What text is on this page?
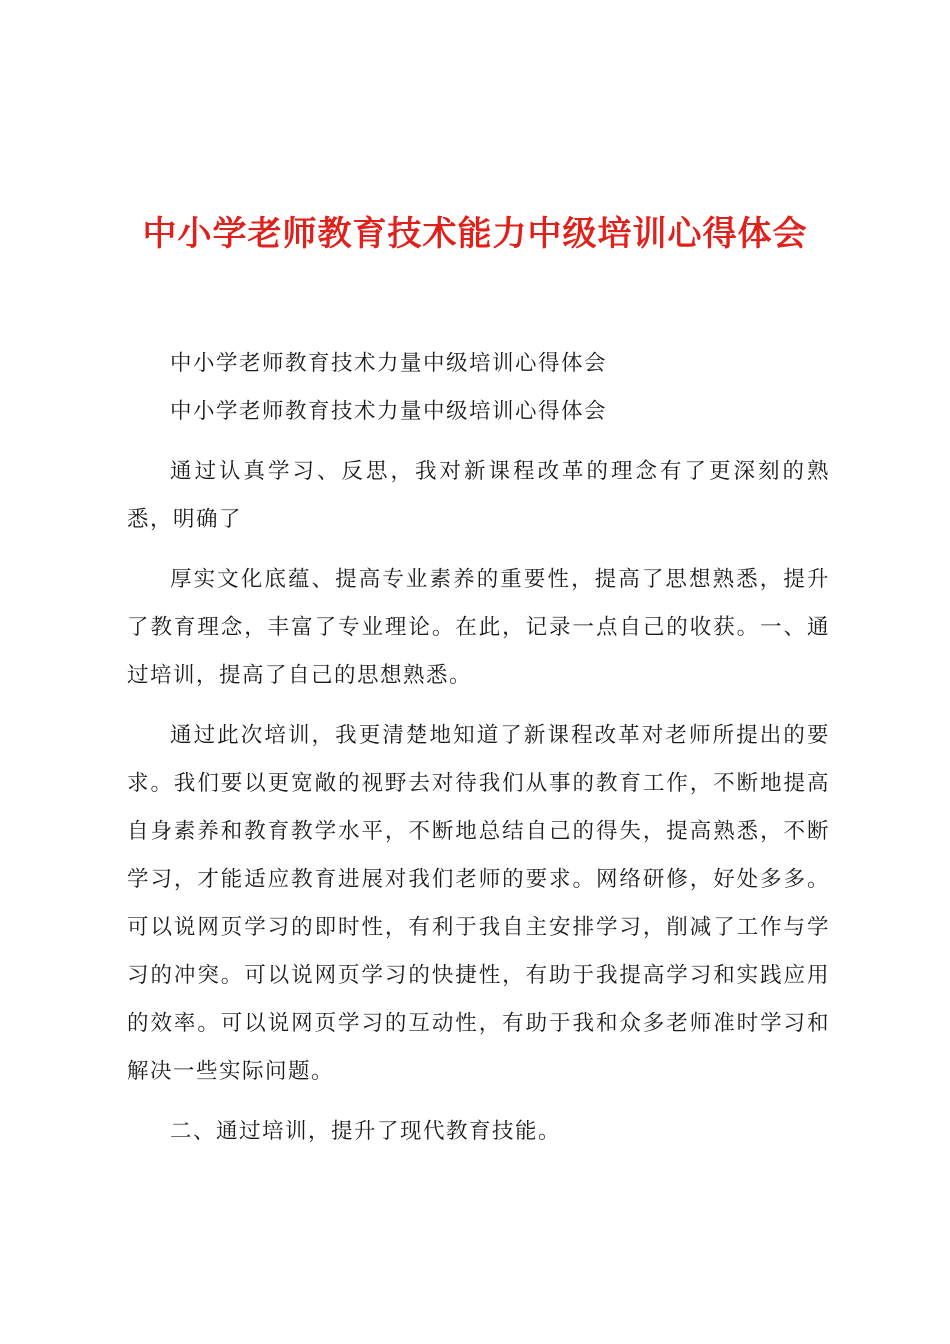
中小学老师教育技术能力中级培训心得体会

中小学老师教育技术力量中级培训心得体会

中小学老师教育技术力量中级培训心得体会

通过认真学习、反思，我对新课程改革的理念有了更深刻的熟悉，明确了

厚实文化底蕴、提高专业素养的重要性，提高了思想熟悉，提升了教育理念，丰富了专业理论。在此，记录一点自己的收获。一、通过培训，提高了自己的思想熟悉。

通过此次培训，我更清楚地知道了新课程改革对老师所提出的要求。我们要以更宽敞的视野去对待我们从事的教育工作，不断地提高自身素养和教育教学水平，不断地总结自己的得失，提高熟悉，不断学习，才能适应教育进展对我们老师的要求。网络研修，好处多多。可以说网页学习的即时性，有利于我自主安排学习，削减了工作与学习的冲突。可以说网页学习的快捷性，有助于我提高学习和实践应用的效率。可以说网页学习的互动性，有助于我和众多老师准时学习和解决一些实际问题。

二、通过培训，提升了现代教育技能。
